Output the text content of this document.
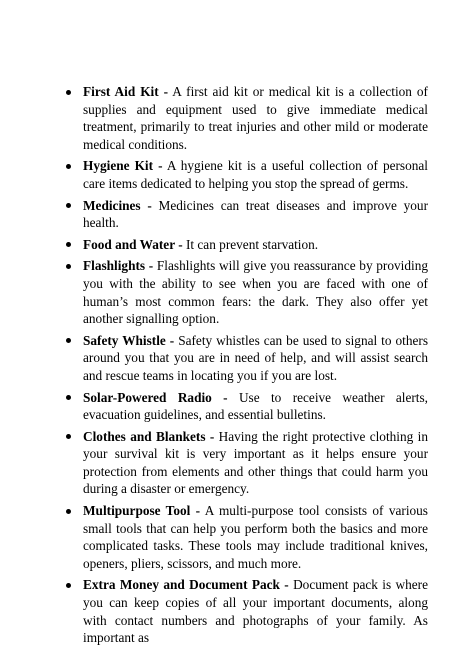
First Aid Kit - A first aid kit or medical kit is a collection of supplies and equipment used to give immediate medical treatment, primarily to treat injuries and other mild or moderate medical conditions.
Hygiene Kit - A hygiene kit is a useful collection of personal care items dedicated to helping you stop the spread of germs.
Medicines - Medicines can treat diseases and improve your health.
Food and Water - It can prevent starvation.
Flashlights - Flashlights will give you reassurance by providing you with the ability to see when you are faced with one of human’s most common fears: the dark. They also offer yet another signalling option.
Safety Whistle - Safety whistles can be used to signal to others around you that you are in need of help, and will assist search and rescue teams in locating you if you are lost.
Solar-Powered Radio - Use to receive weather alerts, evacuation guidelines, and essential bulletins.
Clothes and Blankets - Having the right protective clothing in your survival kit is very important as it helps ensure your protection from elements and other things that could harm you during a disaster or emergency.
Multipurpose Tool - A multi-purpose tool consists of various small tools that can help you perform both the basics and more complicated tasks. These tools may include traditional knives, openers, pliers, scissors, and much more.
Extra Money and Document Pack - Document pack is where you can keep copies of all your important documents, along with contact numbers and photographs of your family. As important as
